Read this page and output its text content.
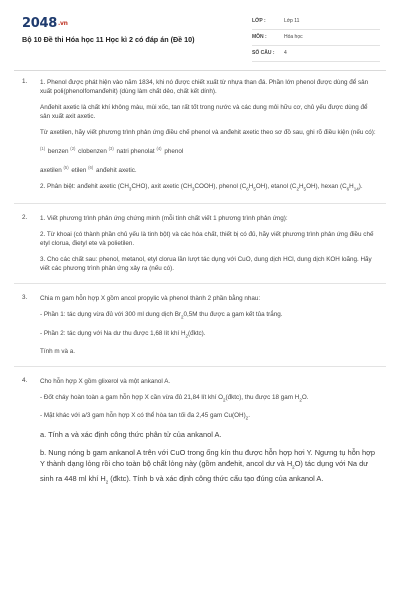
2048.vn
Bộ 10 Đề thi Hóa học 11 Học kì 2 có đáp án (Đề 10)
LỚP :	Lớp 11
MÔN :	Hóa học
SỐ CÂU : 4
1. 1. Phenol được phát hiện vào năm 1834, khi nó được chiết xuất từ nhựa than đá. Phần lớn phenol được dùng để sản xuất poli(phenolfomanđehit) (dùng làm chất dẻo, chất kết dính).

Anđehit axetic là chất khí không màu, mùi xốc, tan rất tốt trong nước và các dung môi hữu cơ, chủ yếu được dùng để sản xuất axit axetic.

Từ axetilen, hãy viết phương trình phản ứng điều chế phenol và anđehit axetic theo sơ đồ sau, ghi rõ điều kiện (nếu có):

(1) benzen (2) clobenzen (3) natri phenolat (4) phenol

axetilen (5) etilen (6) anđehit axetic.

2. Phân biệt: anđehit axetic $(CH_3CHO)$, axit axetic $(CH_3COOH)$, phenol $(C_6H_5OH)$, etanol $(C_2H_5OH)$, hexan $(C_6H_{14})$.

2. 1. Viết phương trình phản ứng chứng minh (mỗi tính chất viết 1 phương trình phản ứng):

2. Từ khoai (có thành phần chủ yếu là tinh bột) và các hóa chất, thiết bị có đủ, hãy viết phương trình phản ứng điều chế etyl clorua, đietyl ete và polietilen.

3. Cho các chất sau: phenol, metanol, etyl clorua lần lượt tác dụng với CuO, dung dịch HCl, dung dịch KOH loãng. Hãy viết các phương trình phản ứng xảy ra (nếu có).

3. Chia m gam hỗn hợp X gồm ancol propylic và phenol thành 2 phần bằng nhau:

- Phần 1: tác dụng vừa đủ với 300 ml dung dịch $Br_20,5M$ thu được a gam kết tủa trắng.

- Phần 2: tác dụng với Na dư thu được 1,68 lít khí $H_2(đktc)$.

Tính m và a.

4. Cho hỗn hợp X gồm glixerol và một ankanol A.

- Đốt cháy hoàn toàn a gam hỗn hợp X cần vừa đủ 21,84 lít khí $O_2(đktc)$, thu được 18 gam $H_2O$.

- Mặt khác với a/3 gam hỗn hợp X có thể hòa tan tối đa 2,45 gam $Cu(OH)_2$.

a. Tính a và xác định công thức phân tử của ankanol A.

b. Nung nóng b gam ankanol A trên với CuO trong ống kín thu được hỗn hợp hơi Y. Ngưng tụ hỗn hợp Y thành dạng lỏng rồi cho toàn bộ chất lỏng này (gồm anđehit, ancol dư và $H_2O$) tác dụng với Na dư sinh ra 448 ml khí $H_2$ (đktc). Tính b và xác định công thức cấu tạo đúng của ankanol A.
